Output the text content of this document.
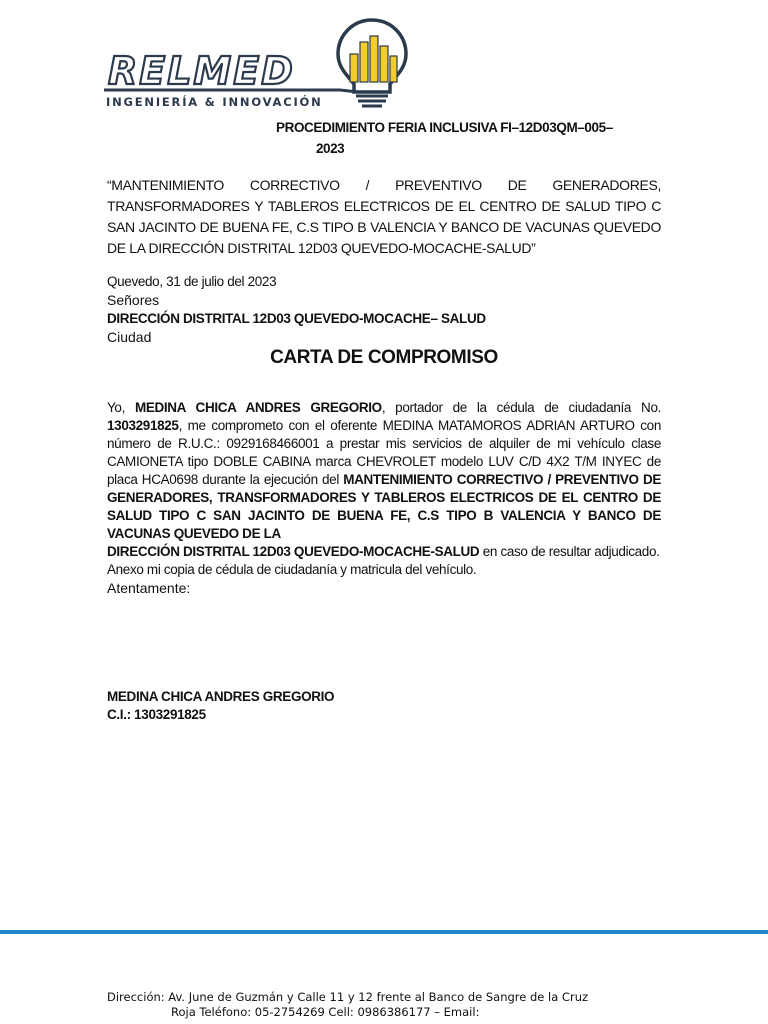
RELMED
INGENIERÍA & INNOVACIÓN
PROCEDIMIENTO FERIA INCLUSIVA FI–12D03QM–005–
2023
“MANTENIMIENTO CORRECTIVO / PREVENTIVO DE GENERADORES, TRANSFORMADORES Y TABLEROS ELECTRICOS DE EL CENTRO DE SALUD TIPO C SAN JACINTO DE BUENA FE, C.S TIPO B VALENCIA Y BANCO DE VACUNAS QUEVEDO DE LA DIRECCIÓN DISTRITAL 12D03 QUEVEDO-MOCACHE-SALUD”
Quevedo, 31 de julio del 2023
Señores
DIRECCIÓN DISTRITAL 12D03 QUEVEDO-MOCACHE– SALUD
Ciudad
CARTA DE COMPROMISO

Yo, MEDINA CHICA ANDRES GREGORIO, portador de la cédula de ciudadanía No. 1303291825, me comprometo con el oferente MEDINA MATAMOROS ADRIAN ARTURO con número de R.U.C.: 0929168466001 a prestar mis servicios de alquiler de mi vehículo clase CAMIONETA tipo DOBLE CABINA marca CHEVROLET modelo LUV C/D 4X2 T/M INYEC de placa HCA0698 durante la ejecución del MANTENIMIENTO CORRECTIVO / PREVENTIVO DE GENERADORES, TRANSFORMADORES Y TABLEROS ELECTRICOS DE EL CENTRO DE SALUD TIPO C SAN JACINTO DE BUENA FE, C.S TIPO B VALENCIA Y BANCO DE VACUNAS QUEVEDO DE LA

DIRECCIÓN DISTRITAL 12D03 QUEVEDO-MOCACHE-SALUD en caso de resultar adjudicado.

Anexo mi copia de cédula de ciudadanía y matricula del vehículo.

Atentamente:
MEDINA CHICA ANDRES GREGORIO
C.I.: 1303291825
Dirección: Av. June de Guzmán y Calle 11 y 12 frente al Banco de Sangre de la Cruz
Roja Teléfono: 05-2754269 Cell: 0986386177 – Email:
